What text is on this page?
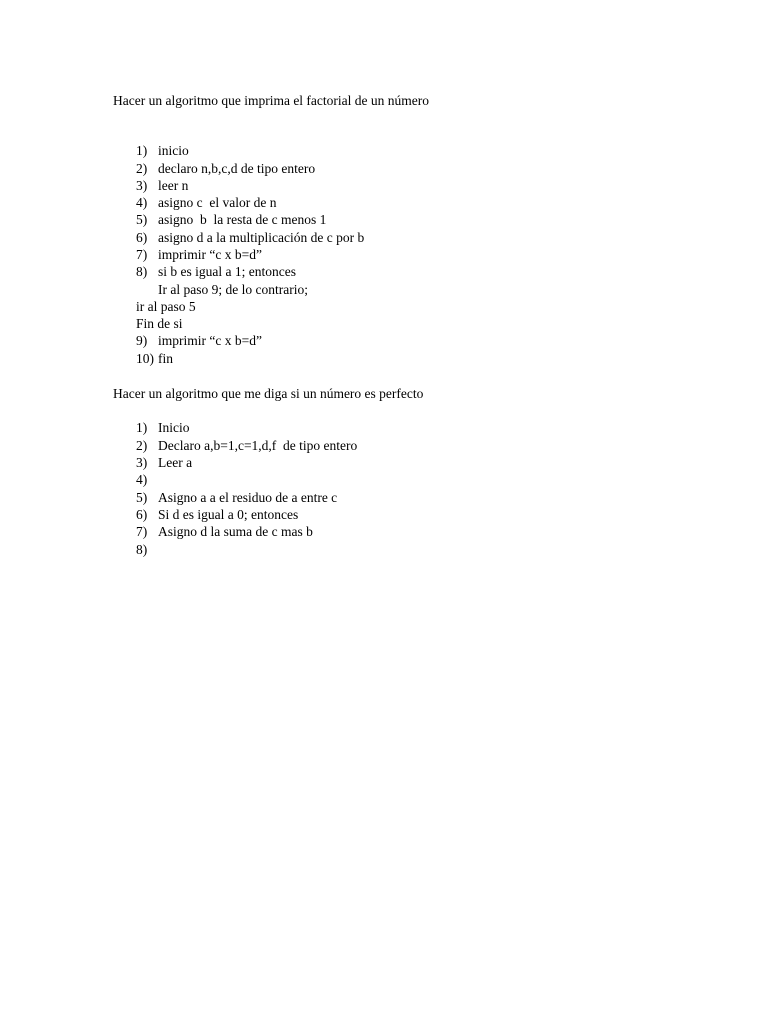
Hacer un algoritmo que imprima el factorial de un número
1) inicio
2) declaro n,b,c,d de tipo entero
3) leer n
4) asigno c  el valor de n
5) asigno  b  la resta de c menos 1
6) asigno d a la multiplicación de c por b
7) imprimir “c x b=d”
8) si b es igual a 1; entonces
Ir al paso 9; de lo contrario;
ir al paso 5
Fin de si
9) imprimir “c x b=d”
10) fin
Hacer un algoritmo que me diga si un número es perfecto
1) Inicio
2) Declaro a,b=1,c=1,d,f  de tipo entero
3) Leer a
4)
5) Asigno a a el residuo de a entre c
6) Si d es igual a 0; entonces
7) Asigno d la suma de c mas b
8)
